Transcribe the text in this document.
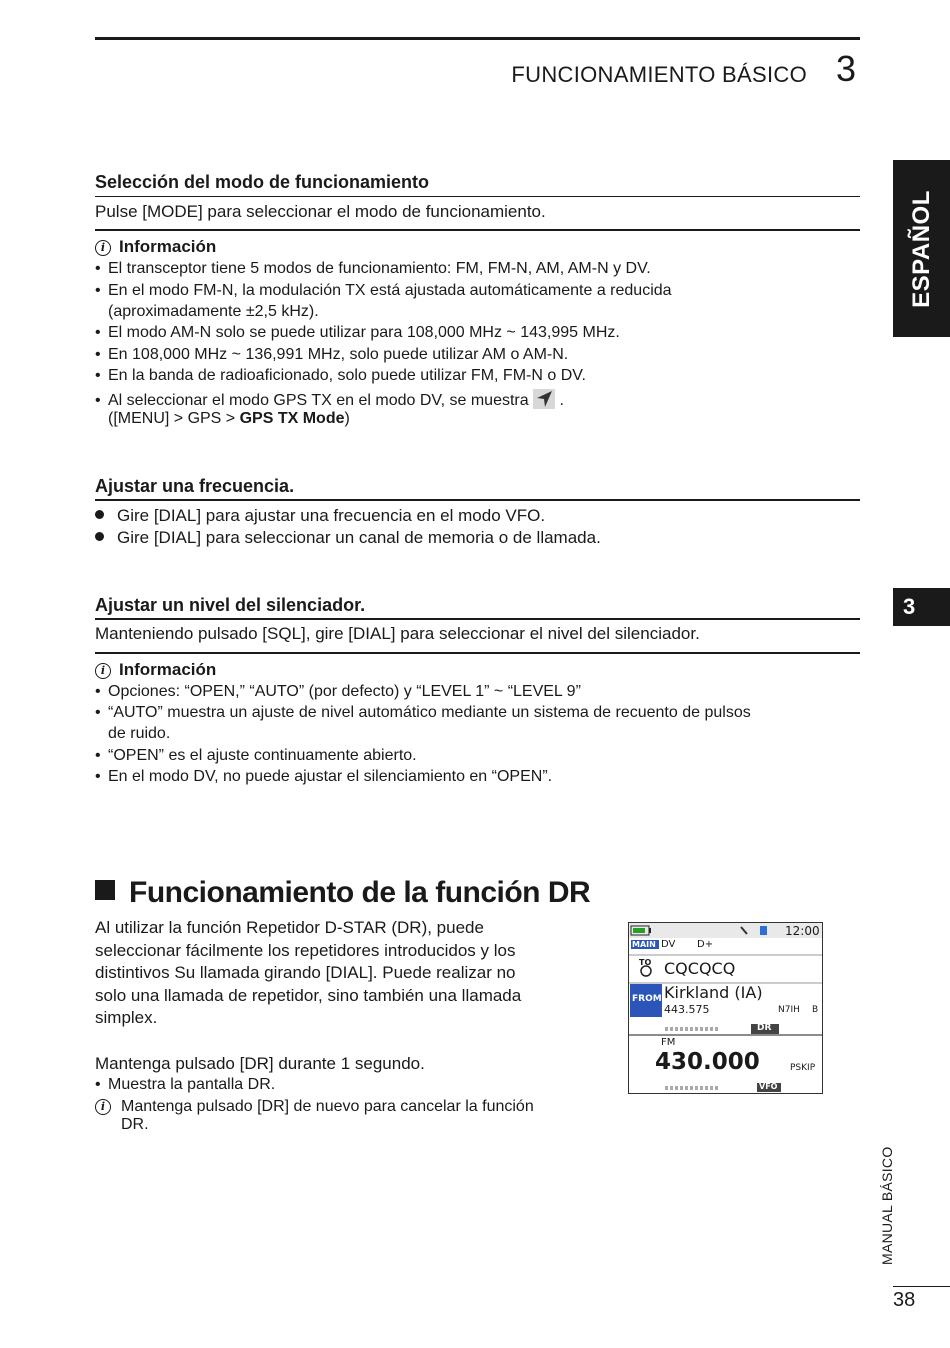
FUNCIONAMIENTO BÁSICO 3
ESPAÑOL
3
Selección del modo de funcionamiento
Pulse [MODE] para seleccionar el modo de funcionamiento.
i Información
• El transceptor tiene 5 modos de funcionamiento: FM, FM-N, AM, AM-N y DV.
• En el modo FM-N, la modulación TX está ajustada automáticamente a reducida
(aproximadamente ±2,5 kHz).
• El modo AM-N solo se puede utilizar para 108,000 MHz ~ 143,995 MHz.
• En 108,000 MHz ~ 136,991 MHz, solo puede utilizar AM o AM-N.
• En la banda de radioaficionado, solo puede utilizar FM, FM-N o DV.
• Al seleccionar el modo GPS TX en el modo DV, se muestra  .
([MENU] > GPS > GPS TX Mode)
Ajustar una frecuencia.
Gire [DIAL] para ajustar una frecuencia en el modo VFO.
Gire [DIAL] para seleccionar un canal de memoria o de llamada.
Ajustar un nivel del silenciador.
Manteniendo pulsado [SQL], gire [DIAL] para seleccionar el nivel del silenciador.
i Información
• Opciones: “OPEN,” “AUTO” (por defecto) y “LEVEL 1” ~ “LEVEL 9”
• “AUTO” muestra un ajuste de nivel automático mediante un sistema de recuento de pulsos
de ruido.
• “OPEN” es el ajuste continuamente abierto.
• En el modo DV, no puede ajustar el silenciamiento en “OPEN”.
Funcionamiento de la función DR
Al utilizar la función Repetidor D-STAR (DR), puede
seleccionar fácilmente los repetidores introducidos y los
distintivos Su llamada girando [DIAL]. Puede realizar no
solo una llamada de repetidor, sino también una llamada
simplex.
Mantenga pulsado [DR] durante 1 segundo.
• Muestra la pantalla DR.
i Mantenga pulsado [DR] de nuevo para cancelar la función
DR.
12:00
MAIN DV D+
TO CQCQCQ
FROM Kirkland (IA)
443.575	N7IH B
DR
FM
430.000	PSKIP
VFO
MANUAL BÁSICO
38
